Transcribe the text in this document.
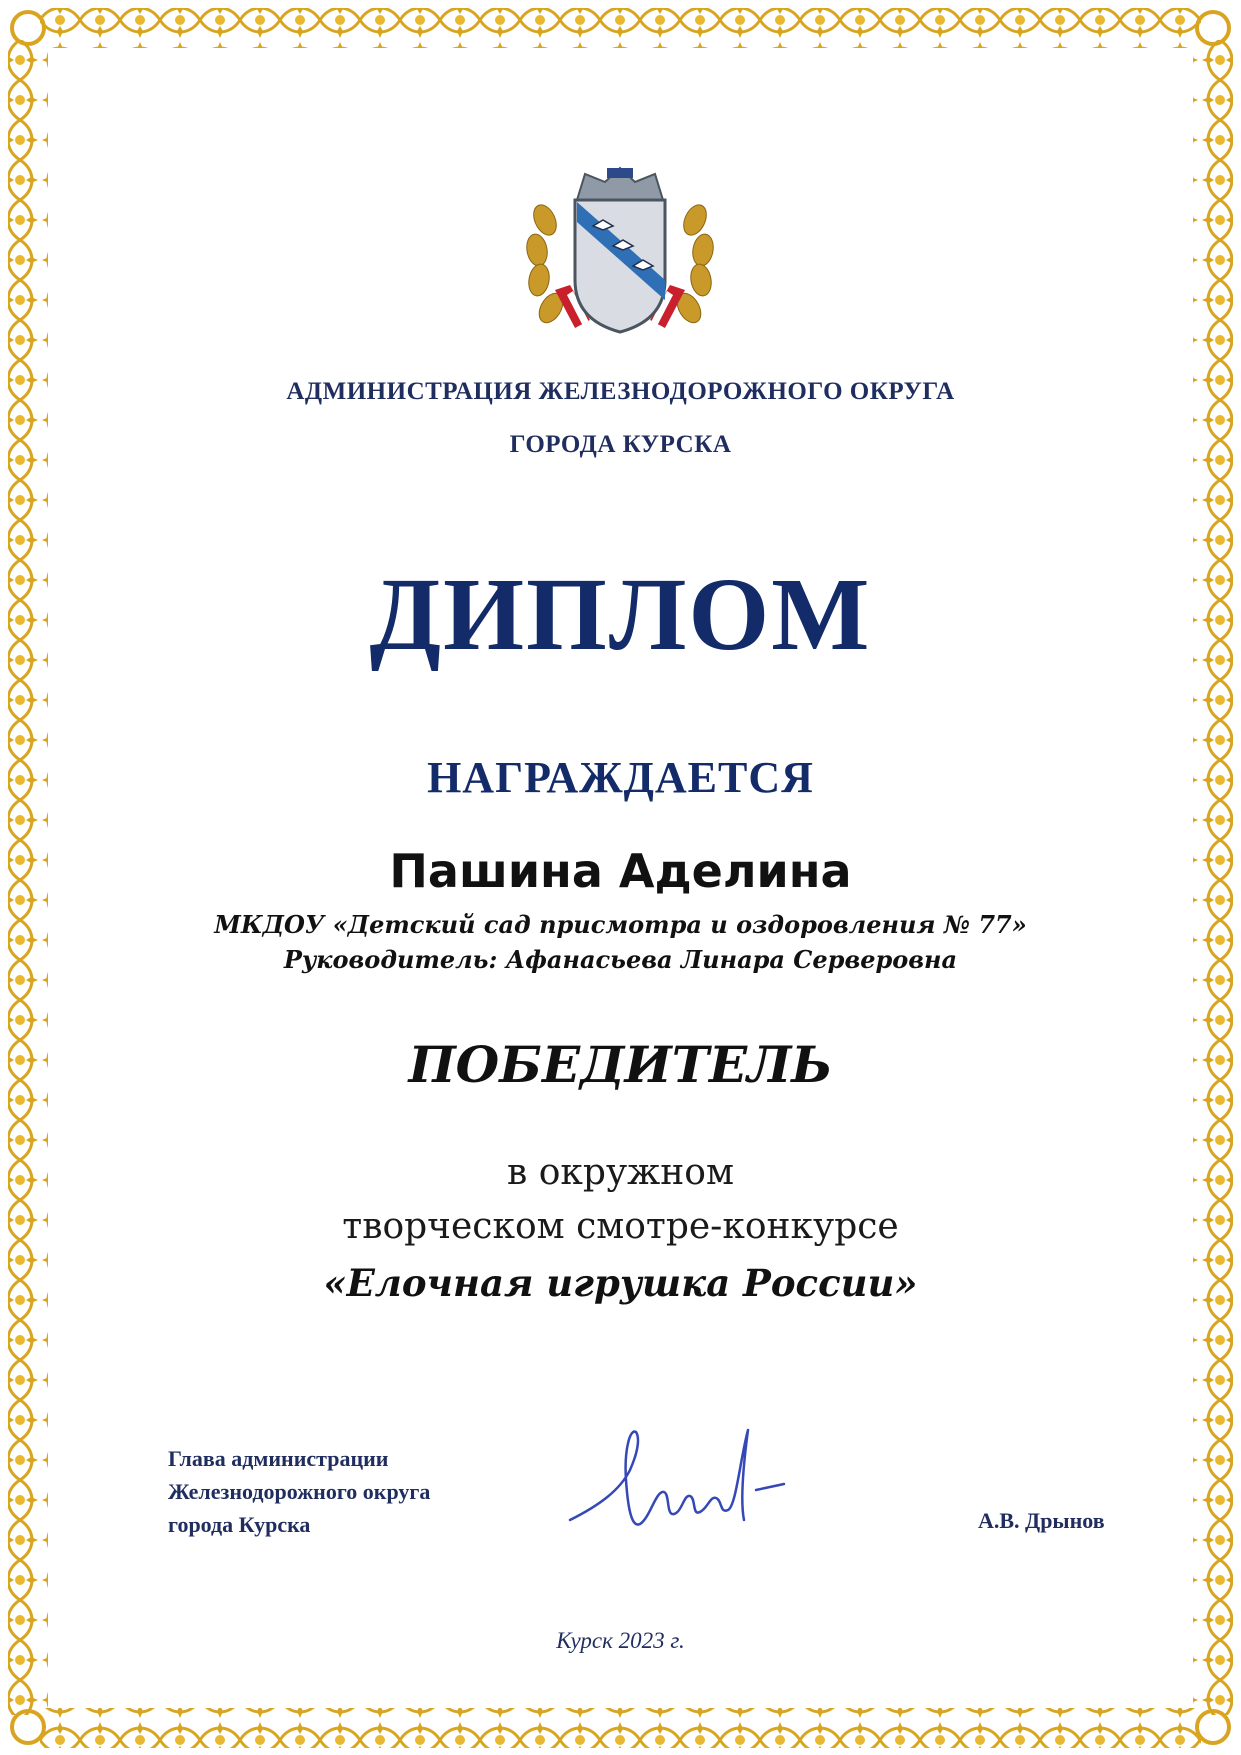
АДМИНИСТРАЦИЯ ЖЕЛЕЗНОДОРОЖНОГО ОКРУГА
ГОРОДА КУРСКА
ДИПЛОМ
НАГРАЖДАЕТСЯ
Пашина Аделина
МКДОУ «Детский сад присмотра и оздоровления № 77»
Руководитель: Афанасьева Линара Серверовна
ПОБЕДИТЕЛЬ
в окружном
творческом смотре-конкурсе
«Елочная игрушка России»
Глава администрации
Железнодорожного округа
города Курска	А.В. Дрынов
Курск 2023 г.
